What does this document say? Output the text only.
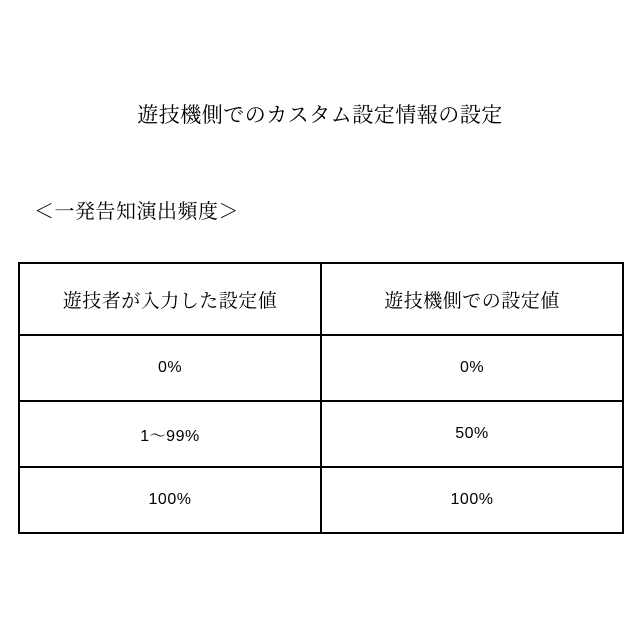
遊技機側でのカスタム設定情報の設定
＜一発告知演出頻度＞
遊技者が入力した設定値	遊技機側での設定値
0%	0%
1～99%	50%
100%	100%
